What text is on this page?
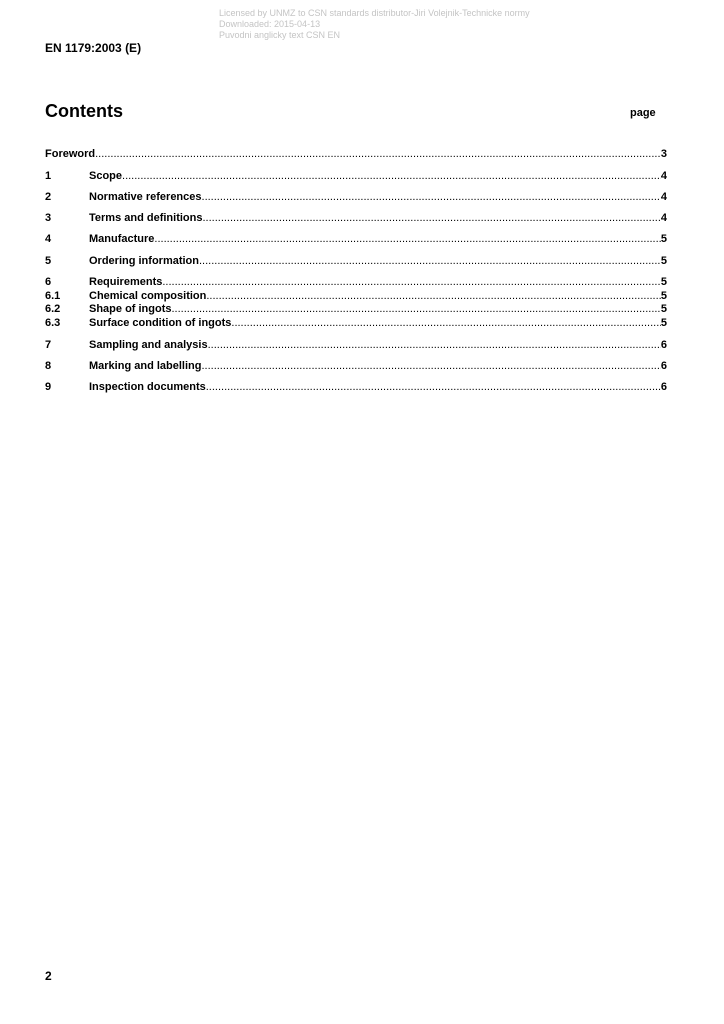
Licensed by UNMZ to CSN standards distributor-Jiri Volejnik-Technicke normy
Downloaded: 2015-04-13
Puvodni anglicky text CSN EN
EN 1179:2003 (E)
Contents	page
Foreword .....	3
1	Scope .....	4
2	Normative references .....	4
3	Terms and definitions .....	4
4	Manufacture .....	5
5	Ordering information .....	5
6	Requirements .....	5
6.1	Chemical composition .....	5
6.2	Shape of ingots .....	5
6.3	Surface condition of ingots .....	5
7	Sampling and analysis .....	6
8	Marking and labelling .....	6
9	Inspection documents .....	6
2
